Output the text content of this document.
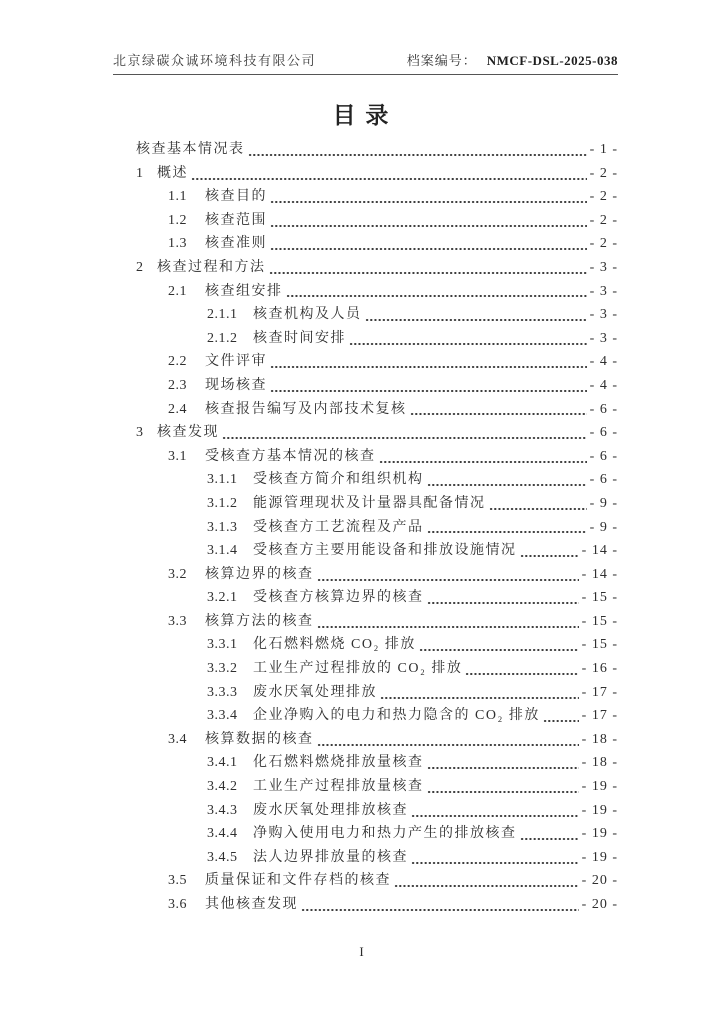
北京绿碳众诚环境科技有限公司	档案编号： NMCF-DSL-2025-038
目 录
核查基本情况表	- 1 -
1 概述	- 2 -
1.1	核查目的	- 2 -
1.2	核查范围	- 2 -
1.3	核查准则	- 2 -
2 核查过程和方法	- 3 -
2.1	核查组安排	- 3 -
2.1.1	核查机构及人员	- 3 -
2.1.2	核查时间安排	- 3 -
2.2	文件评审	- 4 -
2.3	现场核查	- 4 -
2.4	核查报告编写及内部技术复核	- 6 -
3 核查发现	- 6 -
3.1	受核查方基本情况的核查	- 6 -
3.1.1	受核查方简介和组织机构	- 6 -
3.1.2	能源管理现状及计量器具配备情况	- 9 -
3.1.3	受核查方工艺流程及产品	- 9 -
3.1.4	受核查方主要用能设备和排放设施情况	- 14 -
3.2	核算边界的核查	- 14 -
3.2.1	受核查方核算边界的核查	- 15 -
3.3	核算方法的核查	- 15 -
3.3.1	化石燃料燃烧 CO₂ 排放	- 15 -
3.3.2	工业生产过程排放的 CO₂ 排放	- 16 -
3.3.3	废水厌氧处理排放	- 17 -
3.3.4	企业净购入的电力和热力隐含的 CO₂ 排放	- 17 -
3.4	核算数据的核查	- 18 -
3.4.1	化石燃料燃烧排放量核查	- 18 -
3.4.2	工业生产过程排放量核查	- 19 -
3.4.3	废水厌氧处理排放核查	- 19 -
3.4.4	净购入使用电力和热力产生的排放核查	- 19 -
3.4.5	法人边界排放量的核查	- 19 -
3.5	质量保证和文件存档的核查	- 20 -
3.6	其他核查发现	- 20 -
I
